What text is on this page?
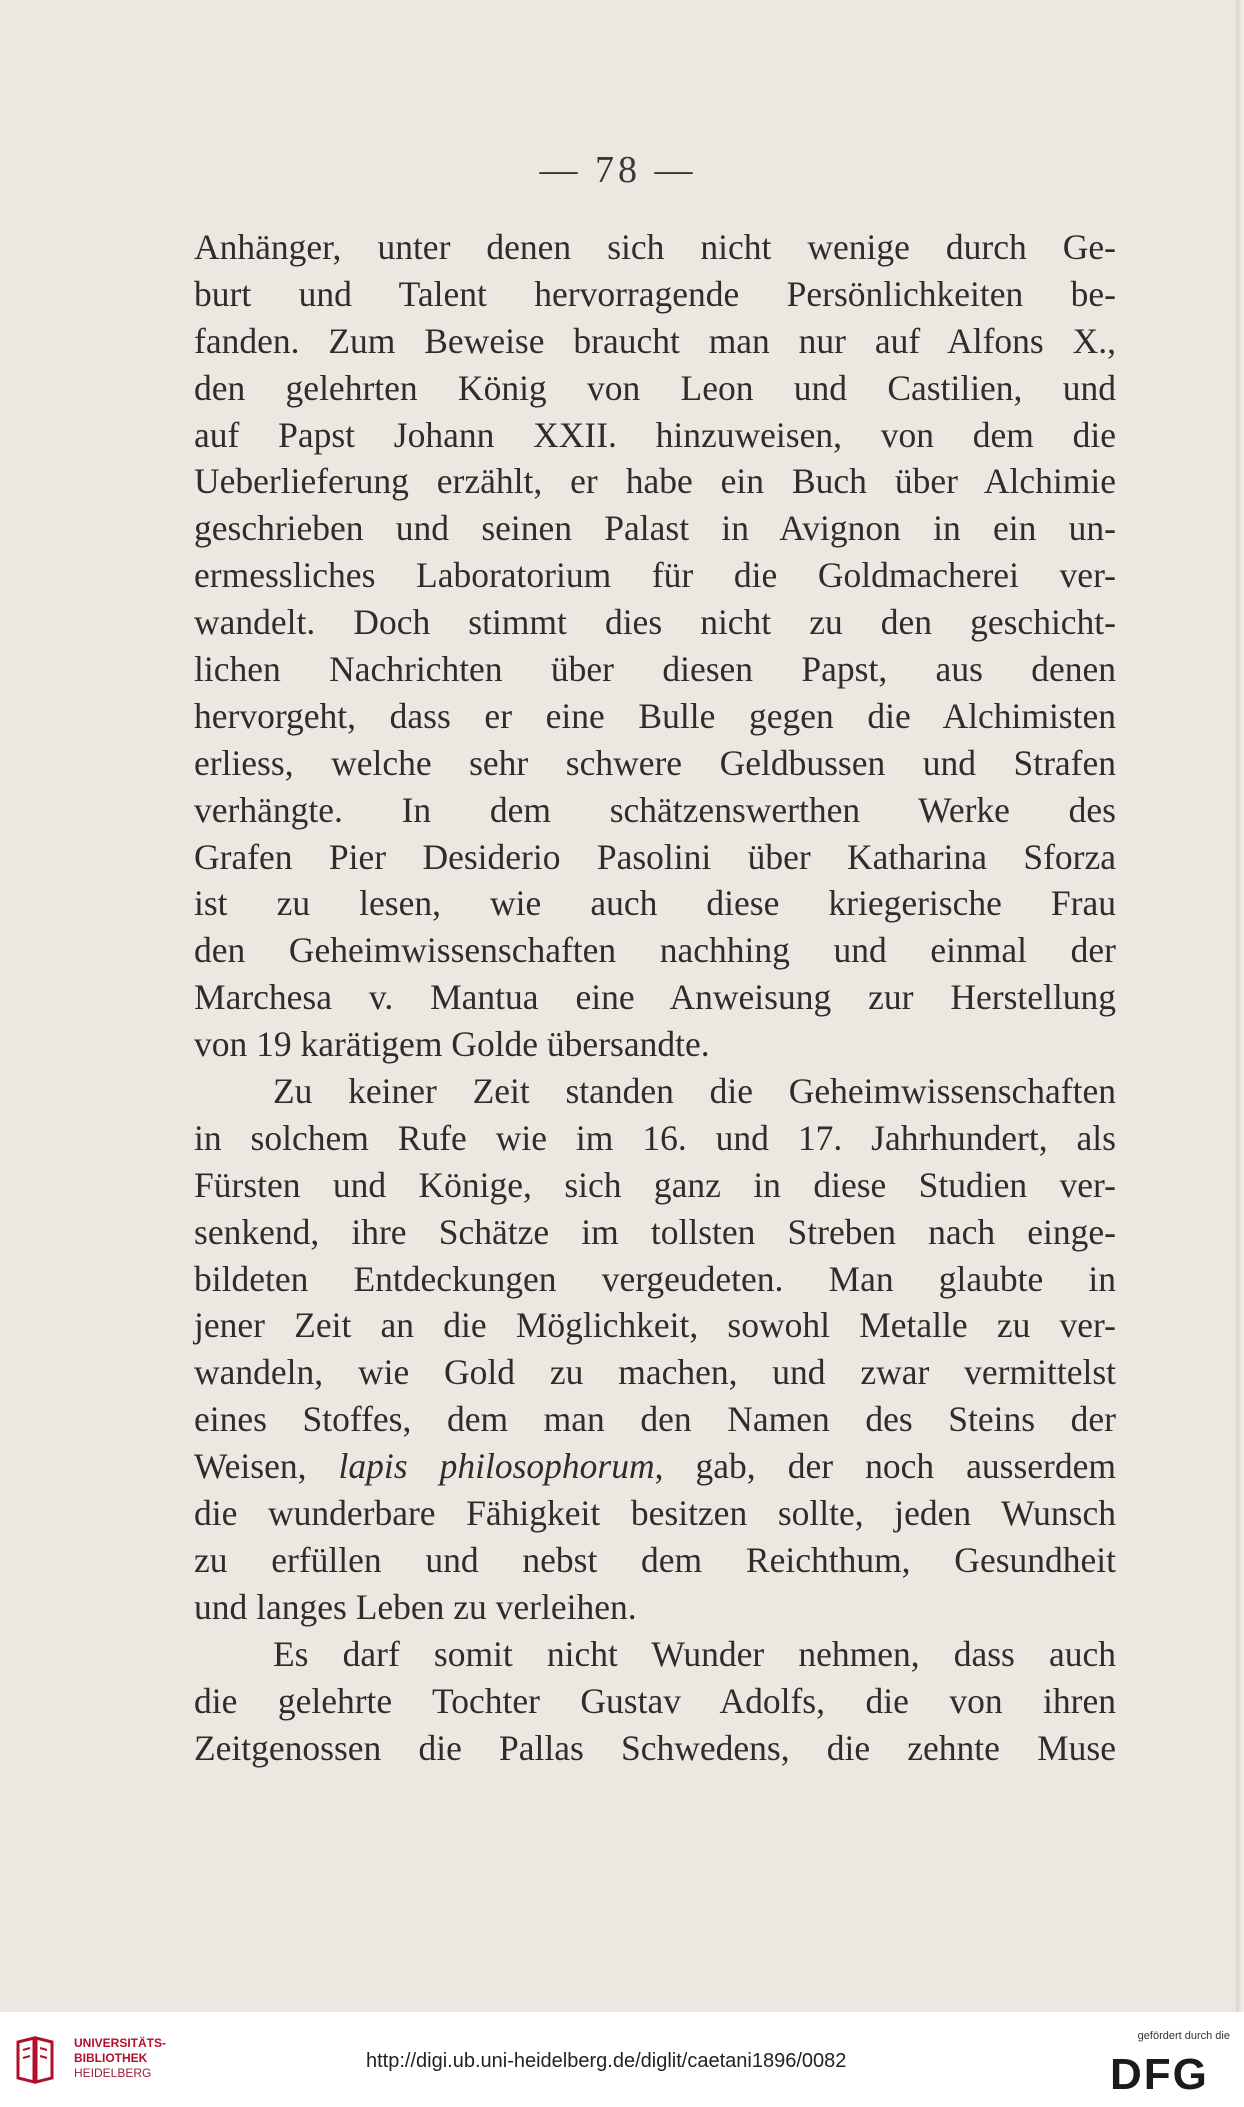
— 78 —
Anhänger, unter denen sich nicht wenige durch Ge-
burt und Talent hervorragende Persönlichkeiten be-
fanden. Zum Beweise braucht man nur auf Alfons X.,
den gelehrten König von Leon und Castilien, und
auf Papst Johann XXII. hinzuweisen, von dem die
Ueberlieferung erzählt, er habe ein Buch über Alchimie
geschrieben und seinen Palast in Avignon in ein un-
ermessliches Laboratorium für die Goldmacherei ver-
wandelt. Doch stimmt dies nicht zu den geschicht-
lichen Nachrichten über diesen Papst, aus denen
hervorgeht, dass er eine Bulle gegen die Alchimisten
erliess, welche sehr schwere Geldbussen und Strafen
verhängte. In dem schätzenswerthen Werke des
Grafen Pier Desiderio Pasolini über Katharina Sforza
ist zu lesen, wie auch diese kriegerische Frau
den Geheimwissenschaften nachhing und einmal der
Marchesa v. Mantua eine Anweisung zur Herstellung
von 19 karätigem Golde übersandte.
Zu keiner Zeit standen die Geheimwissenschaften
in solchem Rufe wie im 16. und 17. Jahrhundert, als
Fürsten und Könige, sich ganz in diese Studien ver-
senkend, ihre Schätze im tollsten Streben nach einge-
bildeten Entdeckungen vergeudeten. Man glaubte in
jener Zeit an die Möglichkeit, sowohl Metalle zu ver-
wandeln, wie Gold zu machen, und zwar vermittelst
eines Stoffes, dem man den Namen des Steins der
Weisen, lapis philosophorum, gab, der noch ausserdem
die wunderbare Fähigkeit besitzen sollte, jeden Wunsch
zu erfüllen und nebst dem Reichthum, Gesundheit
und langes Leben zu verleihen.
Es darf somit nicht Wunder nehmen, dass auch
die gelehrte Tochter Gustav Adolfs, die von ihren
Zeitgenossen die Pallas Schwedens, die zehnte Muse
UNIVERSITÄTS-
BIBLIOTHEK
HEIDELBERG
http://digi.ub.uni-heidelberg.de/diglit/caetani1896/0082
gefördert durch die
DFG
